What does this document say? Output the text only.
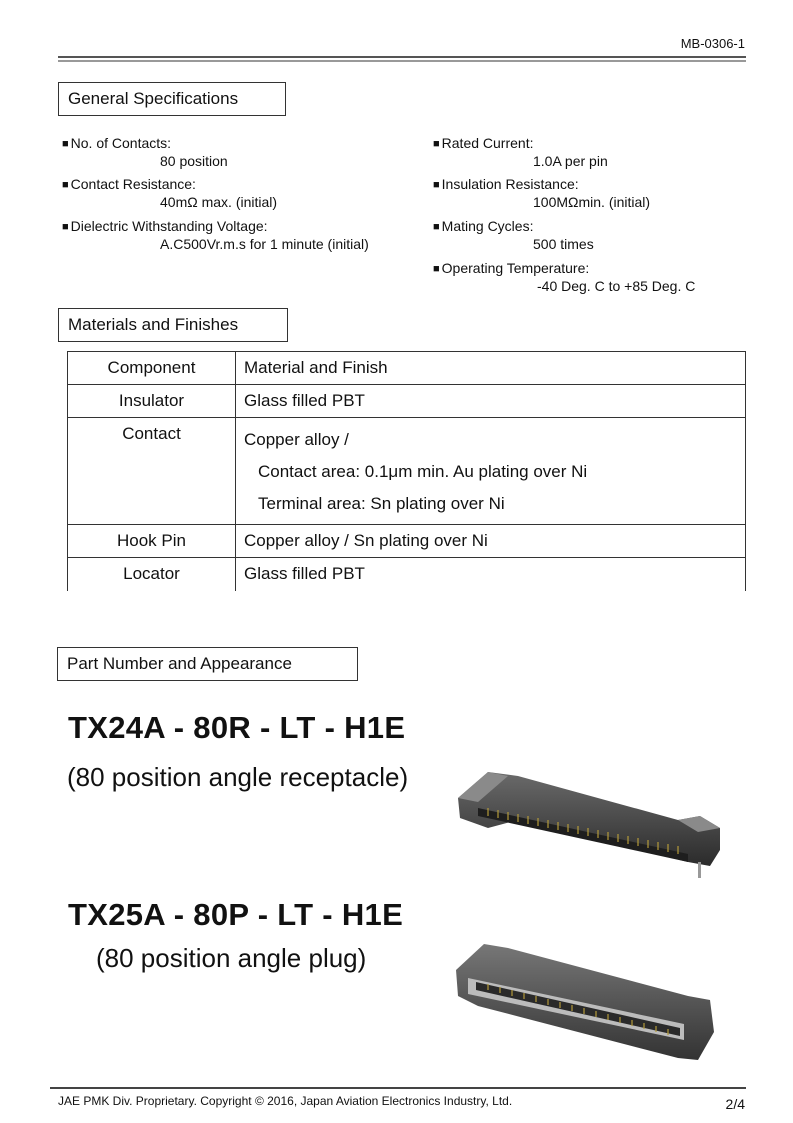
MB-0306-1
General Specifications
■ No. of Contacts:
80 position
■ Contact Resistance:
40mΩ max. (initial)
■ Dielectric Withstanding Voltage:
A.C500Vr.m.s for 1 minute (initial)
■ Rated Current:
1.0A per pin
■ Insulation Resistance:
100MΩmin. (initial)
■ Mating Cycles:
500 times
■ Operating Temperature:
-40 Deg. C to +85 Deg. C
Materials and Finishes
Component	Material and Finish
Insulator	Glass filled PBT
Contact	Copper alloy /
Contact area: 0.1μm min. Au plating over Ni
Terminal area: Sn plating over Ni

Hook Pin	Copper alloy / Sn plating over Ni
Locator	Glass filled PBT
Part Number and Appearance
TX24A - 80R - LT - H1E
(80 position angle receptacle)
TX25A - 80P - LT - H1E
(80 position angle plug)
JAE PMK Div. Proprietary. Copyright © 2016, Japan Aviation Electronics Industry, Ltd.	2/4
